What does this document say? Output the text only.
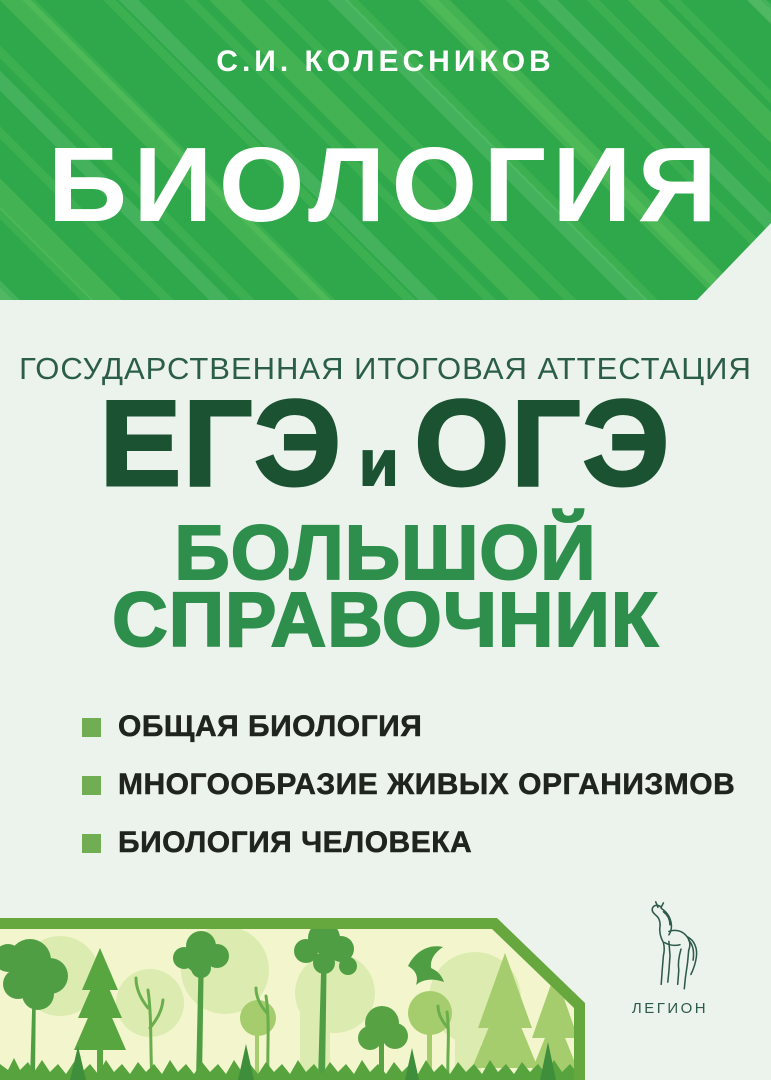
С.И. КОЛЕСНИКОВ
БИОЛОГИЯ
ГОСУДАРСТВЕННАЯ ИТОГОВАЯ АТТЕСТАЦИЯ
ЕГЭ и ОГЭ
БОЛЬШОЙ
СПРАВОЧНИК
ОБЩАЯ БИОЛОГИЯ
МНОГООБРАЗИЕ ЖИВЫХ ОРГАНИЗМОВ
БИОЛОГИЯ ЧЕЛОВЕКА
ЛЕГИОН
